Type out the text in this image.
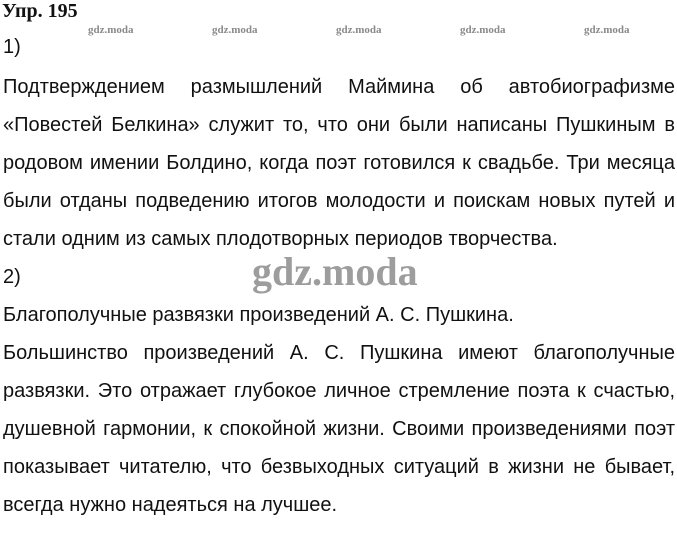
Упр. 195
gdz.moda	gdz.moda	gdz.moda	gdz.moda	gdz.moda
1)
Подтверждением размышлений Маймина об автобиографизме
«Повестей Белкина» служит то, что они были написаны Пушкиным в
родовом имении Болдино, когда поэт готовился к свадьбе. Три месяца
были отданы подведению итогов молодости и поискам новых путей и
стали одним из самых плодотворных периодов творчества.
2)
Благополучные развязки произведений А. С. Пушкина.
Большинство произведений А. С. Пушкина имеют благополучные
развязки. Это отражает глубокое личное стремление поэта к счастью,
душевной гармонии, к спокойной жизни. Своими произведениями поэт
показывает читателю, что безвыходных ситуаций в жизни не бывает,
всегда нужно надеяться на лучшее.
gdz.moda
